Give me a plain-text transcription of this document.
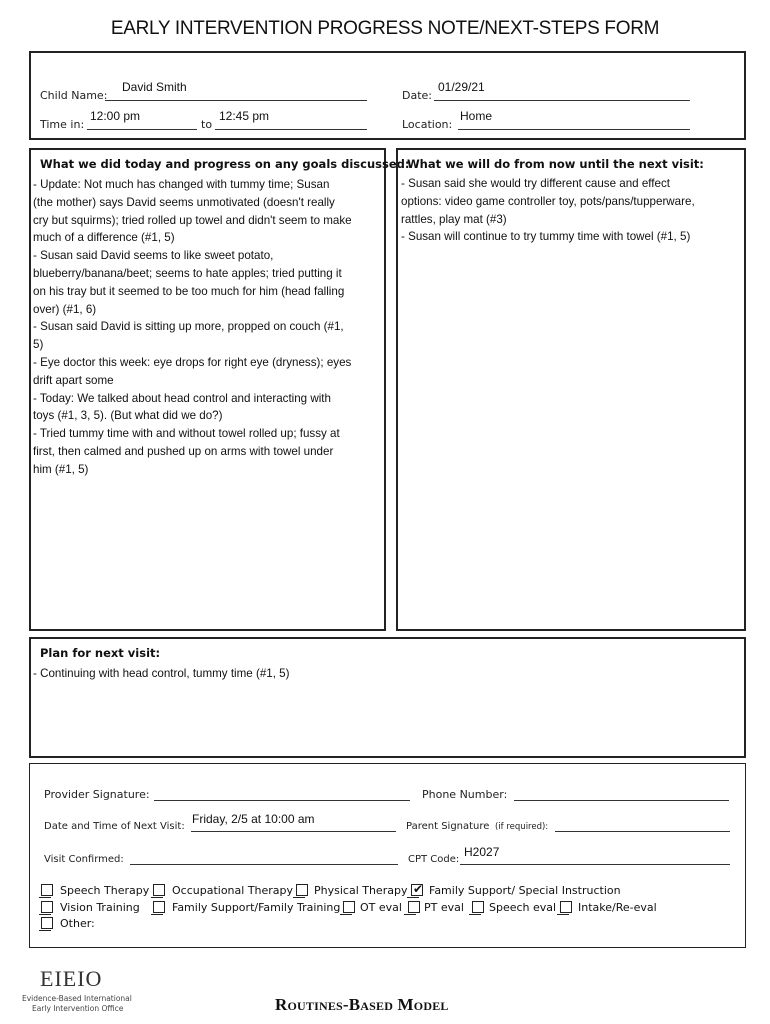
EARLY INTERVENTION PROGRESS NOTE/NEXT-STEPS FORM
Child Name:
David Smith
Date:
01/29/21
Time in:
12:00 pm
to
12:45 pm
Location:
Home
What we did today and progress on any goals discussed:
- Update: Not much has changed with tummy time; Susan
(the mother) says David seems unmotivated (doesn't really
cry but squirms); tried rolled up towel and didn't seem to make
much of a difference (#1, 5)
- Susan said David seems to like sweet potato,
blueberry/banana/beet; seems to hate apples; tried putting it
on his tray but it seemed to be too much for him (head falling
over) (#1, 6)
- Susan said David is sitting up more, propped on couch (#1,
5)
- Eye doctor this week: eye drops for right eye (dryness); eyes
drift apart some
- Today: We talked about head control and interacting with
toys (#1, 3, 5). (But what did we do?)
- Tried tummy time with and without towel rolled up; fussy at
first, then calmed and pushed up on arms with towel under
him (#1, 5)
What we will do from now until the next visit:
- Susan said she would try different cause and effect
options: video game controller toy, pots/pans/tupperware,
rattles, play mat (#3)
- Susan will continue to try tummy time with towel (#1, 5)
Plan for next visit:
- Continuing with head control, tummy time (#1, 5)
Provider Signature:	Phone Number:
Date and Time of Next Visit:
Friday, 2/5 at 10:00 am
Parent Signature (if required):
Visit Confirmed:	CPT Code:
H2027
Speech Therapy Occupational Therapy Physical Therapy ✔ Family Support/ Special Instruction
Vision Training	Family Support/Family Training OT eval PT eval Speech eval Intake/Re-eval
Other:
EIEIO
Evidence-Based International
Early Intervention Office	Routines-Based Model
